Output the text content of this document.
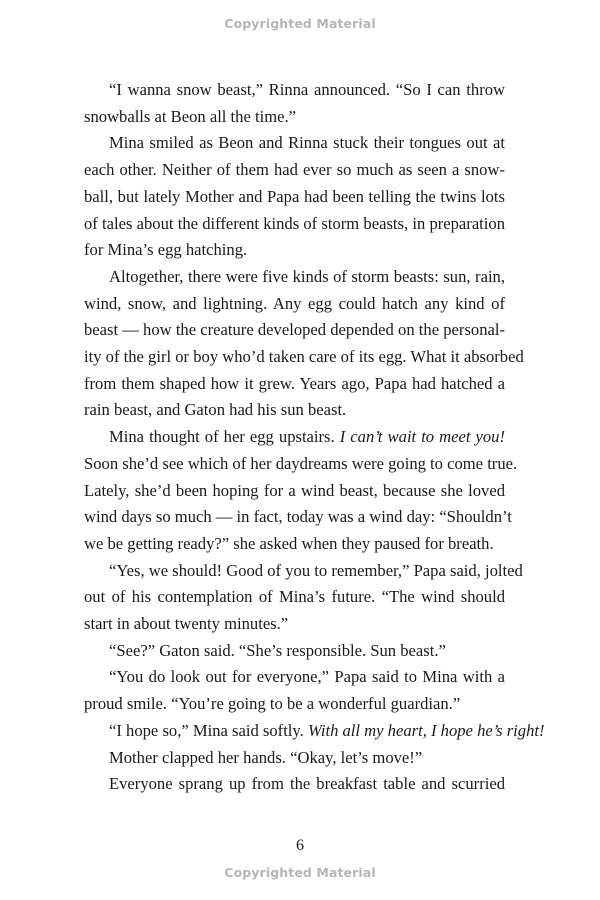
Copyrighted Material
“I wanna snow beast,” Rinna announced. “So I can throw
snowballs at Beon all the time.”
Mina smiled as Beon and Rinna stuck their tongues out at
each other. Neither of them had ever so much as seen a snow-
ball, but lately Mother and Papa had been telling the twins lots
of tales about the different kinds of storm beasts, in preparation
for Mina’s egg hatching.
Altogether, there were five kinds of storm beasts: sun, rain,
wind, snow, and lightning. Any egg could hatch any kind of
beast — how the creature developed depended on the personal-
ity of the girl or boy who’d taken care of its egg. What it absorbed
from them shaped how it grew. Years ago, Papa had hatched a
rain beast, and Gaton had his sun beast.
Mina thought of her egg upstairs. I can’t wait to meet you!
Soon she’d see which of her daydreams were going to come true.
Lately, she’d been hoping for a wind beast, because she loved
wind days so much — in fact, today was a wind day: “Shouldn’t
we be getting ready?” she asked when they paused for breath.
“Yes, we should! Good of you to remember,” Papa said, jolted
out of his contemplation of Mina’s future. “The wind should
start in about twenty minutes.”
“See?” Gaton said. “She’s responsible. Sun beast.”
“You do look out for everyone,” Papa said to Mina with a
proud smile. “You’re going to be a wonderful guardian.”
“I hope so,” Mina said softly. With all my heart, I hope he’s right!
Mother clapped her hands. “Okay, let’s move!”
Everyone sprang up from the breakfast table and scurried
6
Copyrighted Material
